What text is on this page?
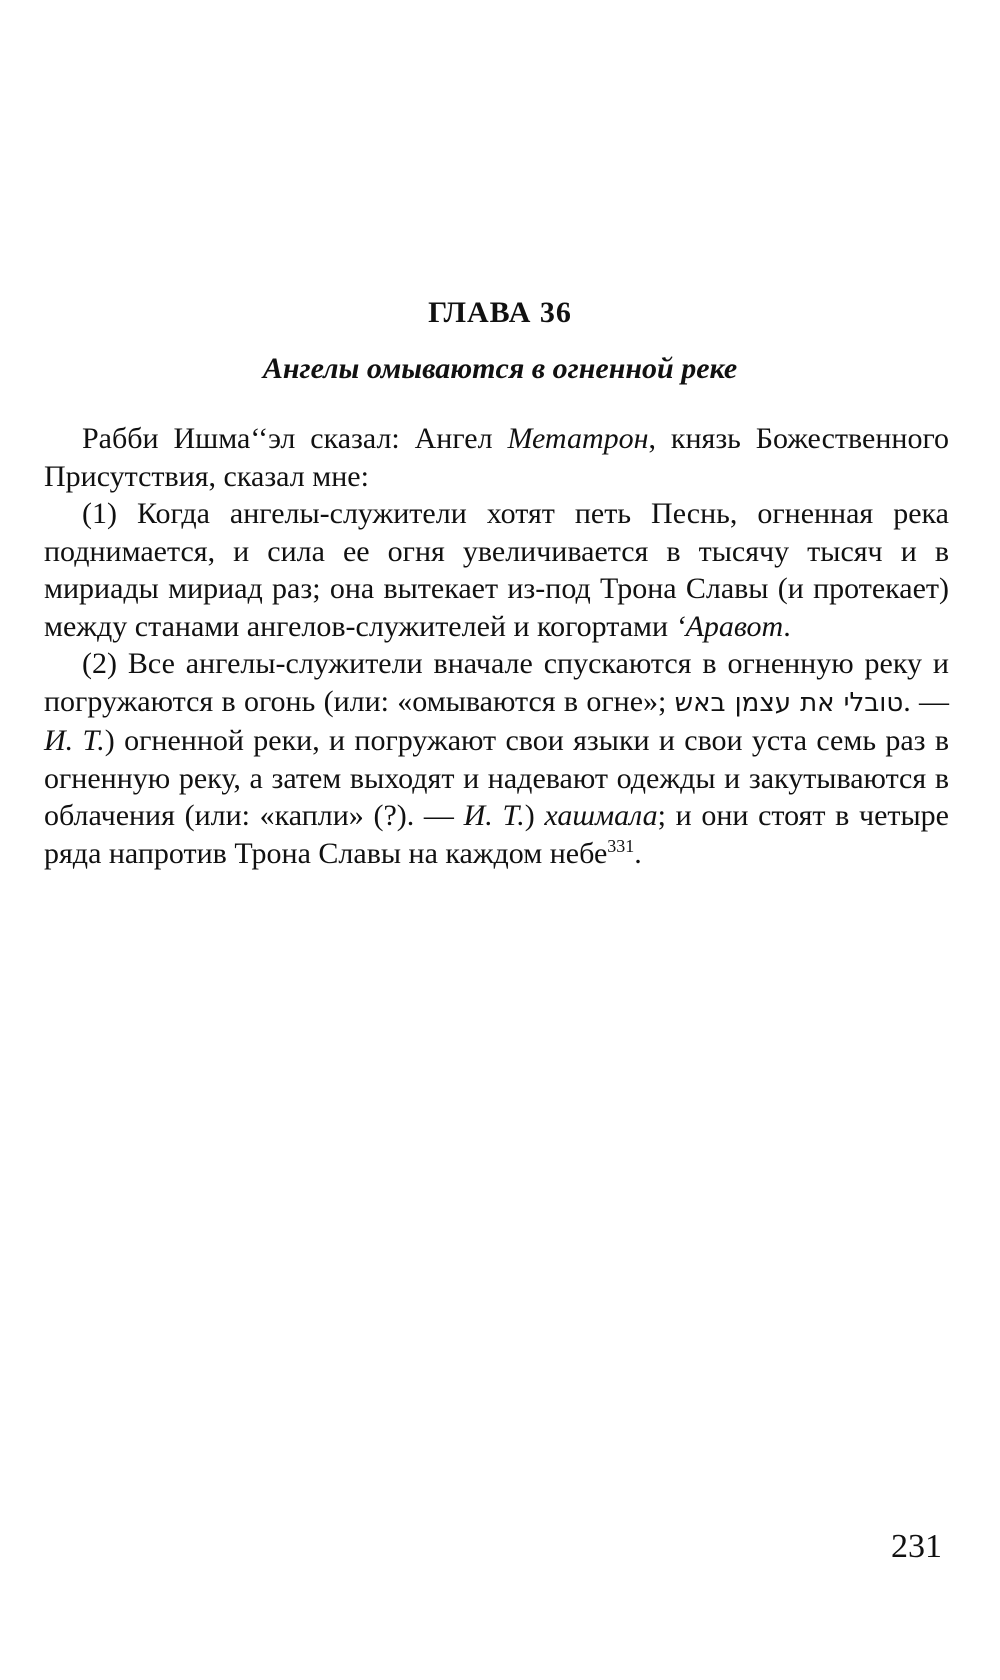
ГЛАВА 36
Ангелы омываются в огненной реке

Рабби Ишма‘‘эл сказал: Ангел Метатрон, князь Божественного Присутствия, сказал мне:

(1) Когда ангелы-служители хотят петь Песнь, огненная река поднимается, и сила ее огня увеличивается в тысячу тысяч и в мириады мириад раз; она вытекает из-под Трона Славы (и протекает) между станами ангелов-служителей и когортами ‘Аравот.

(2) Все ангелы-служители вначале спускаются в огненную реку и погружаются в огонь (или: «омываются в огне»; טובלי את עצמן באש. — И. Т.) огненной реки, и погружают свои языки и свои уста семь раз в огненную реку, а затем выходят и надевают одежды и закутываются в облачения (или: «капли» (?). — И. Т.) хашмала; и они стоят в четыре ряда напротив Трона Славы на каждом небе$^{331}$.

231
